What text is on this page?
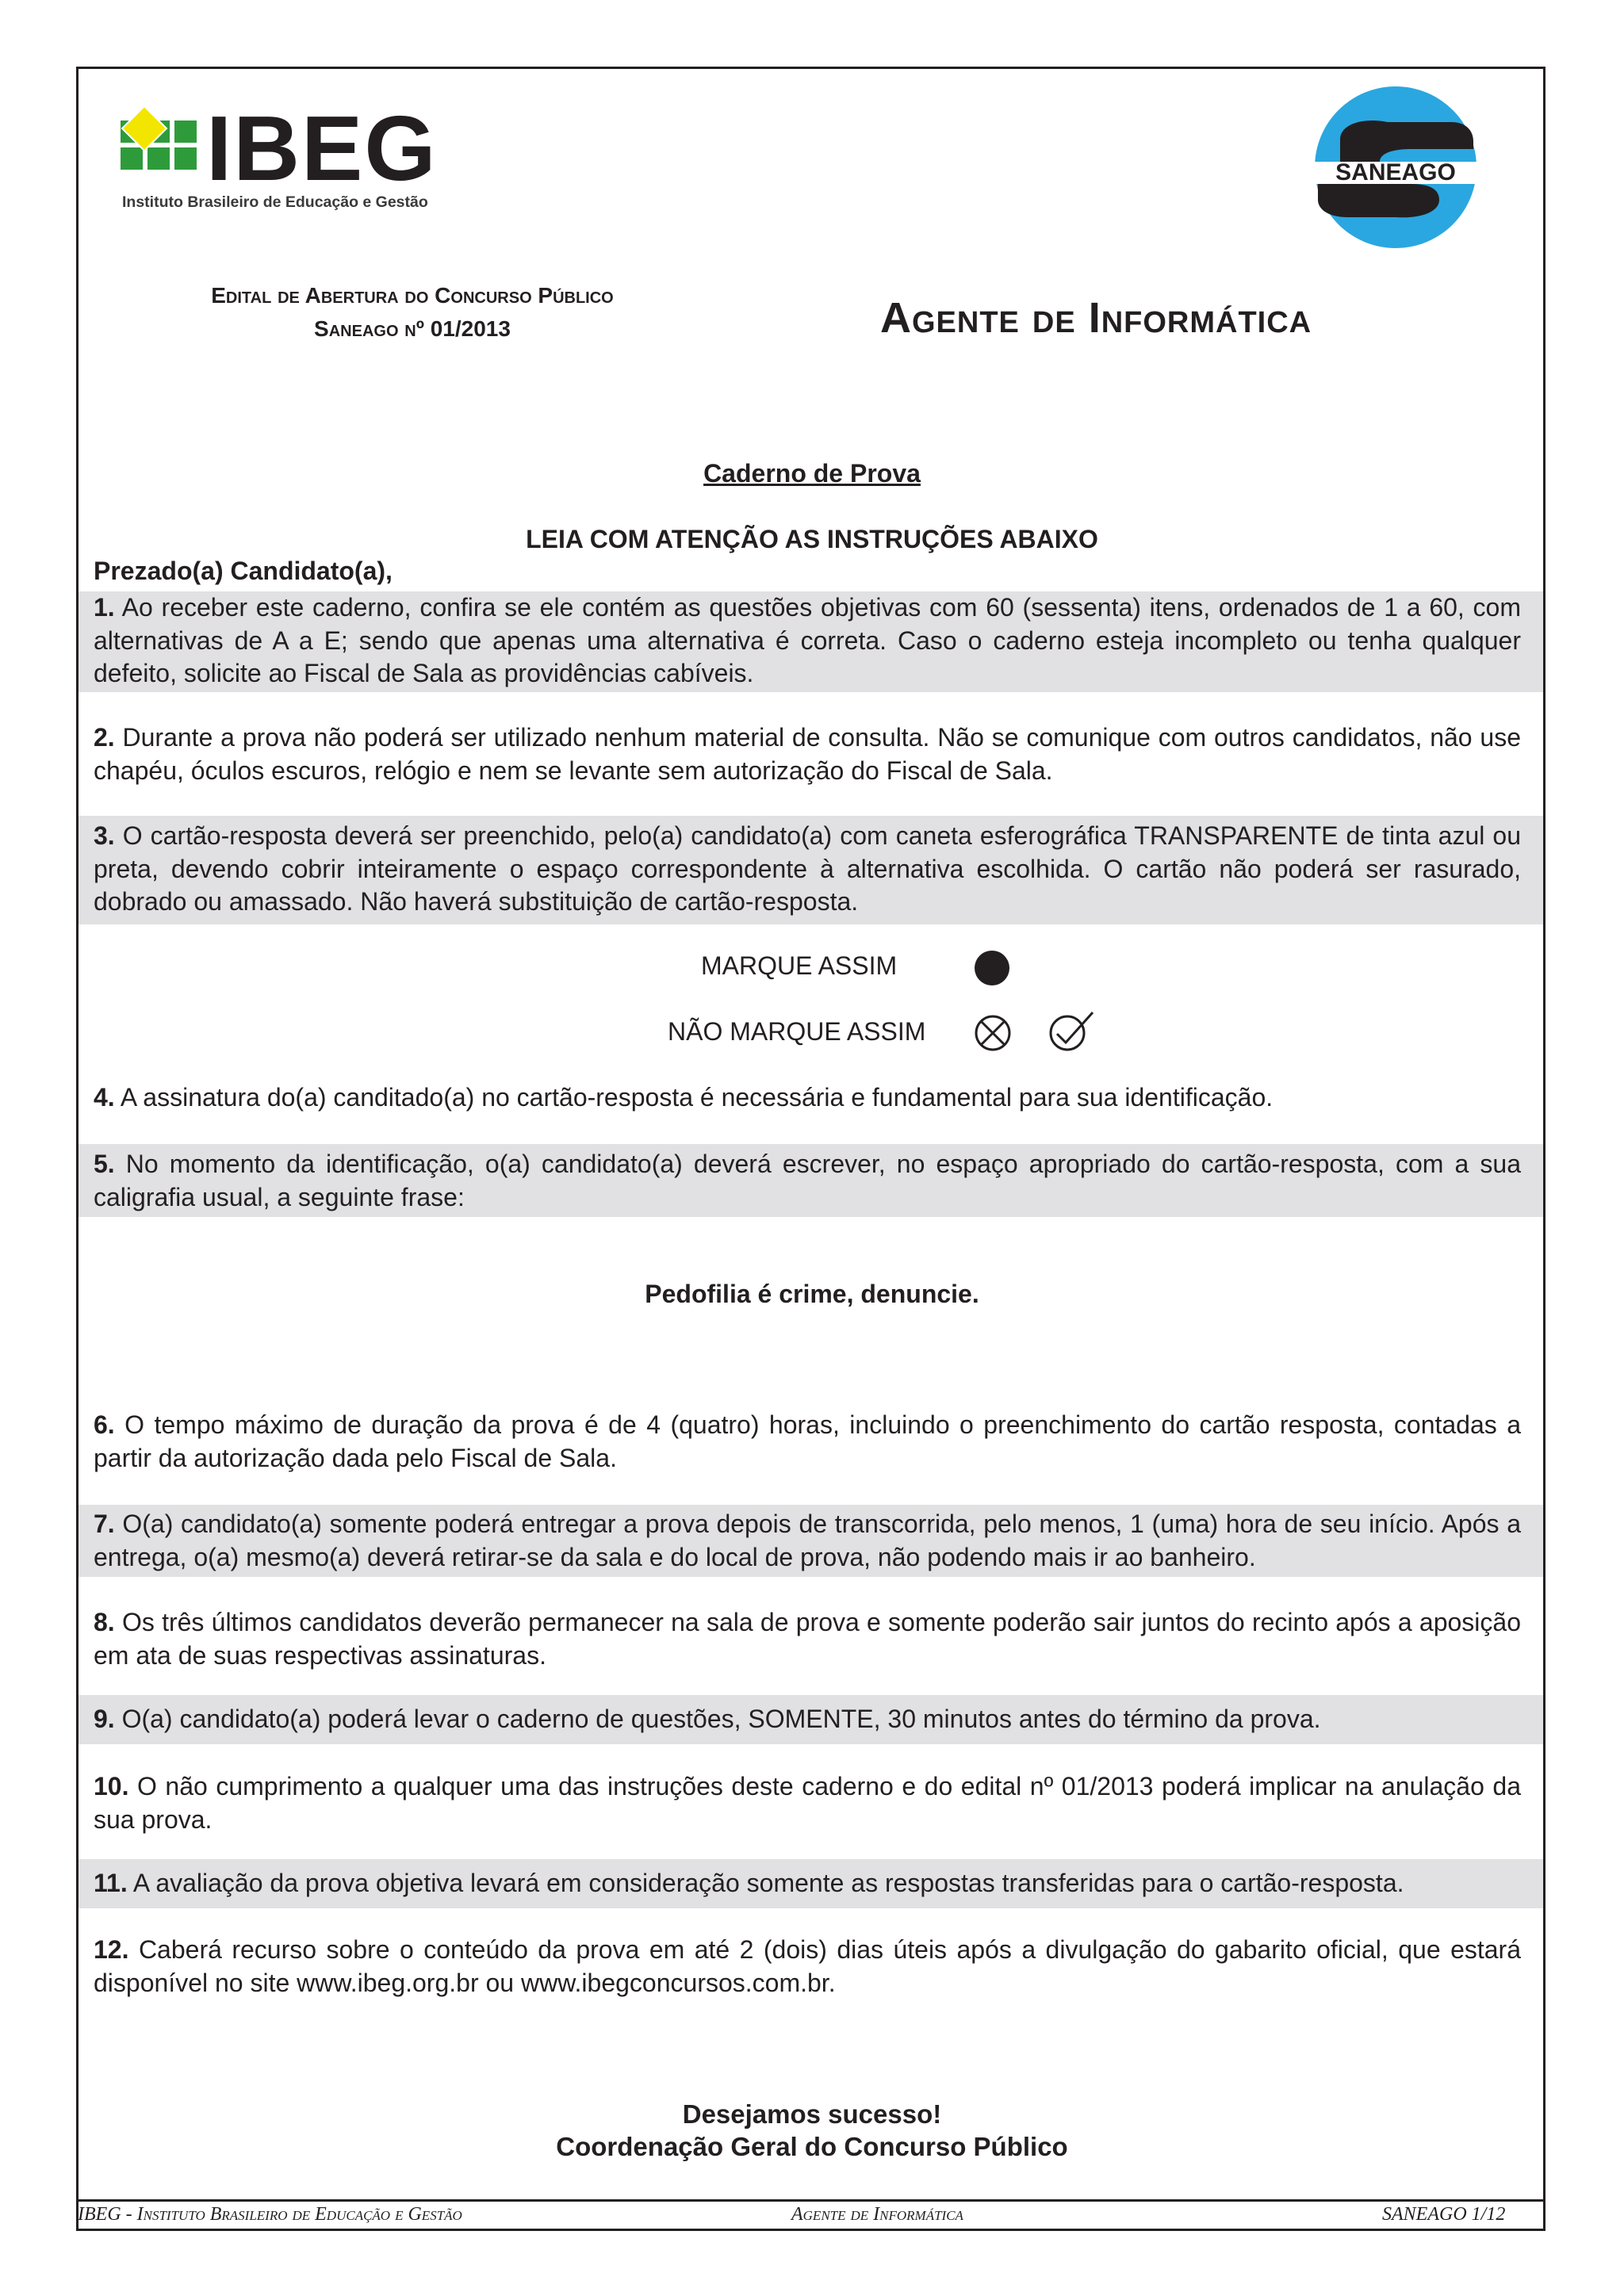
IBEG
Instituto Brasileiro de Educação e Gestão
SANEAGO
Edital de Abertura do Concurso Público
Saneago nº 01/2013	Agente de Informática
Caderno de Prova
LEIA COM ATENÇÃO AS INSTRUÇÕES ABAIXO
Prezado(a) Candidato(a),
1. Ao receber este caderno, confira se ele contém as questões objetivas com 60 (sessenta) itens, ordenados de 1 a 60, com alternativas de A a E; sendo que apenas uma alternativa é correta. Caso o caderno esteja incompleto ou tenha qualquer defeito, solicite ao Fiscal de Sala as providências cabíveis.
2. Durante a prova não poderá ser utilizado nenhum material de consulta. Não se comunique com outros candidatos, não use chapéu, óculos escuros, relógio e nem se levante sem autorização do Fiscal de Sala.
3. O cartão-resposta deverá ser preenchido, pelo(a) candidato(a) com caneta esferográfica TRANSPARENTE de tinta azul ou preta, devendo cobrir inteiramente o espaço correspondente à alternativa escolhida. O cartão não poderá ser rasurado, dobrado ou amassado. Não haverá substituição de cartão-resposta.
MARQUE ASSIM
NÃO MARQUE ASSIM
4. A assinatura do(a) canditado(a) no cartão-resposta é necessária e fundamental para sua identificação.
5. No momento da identificação, o(a) candidato(a) deverá escrever, no espaço apropriado do cartão-resposta, com a sua caligrafia usual, a seguinte frase:
Pedofilia é crime, denuncie.
6. O tempo máximo de duração da prova é de 4 (quatro) horas, incluindo o preenchimento do cartão resposta, contadas a partir da autorização dada pelo Fiscal de Sala.
7. O(a) candidato(a) somente poderá entregar a prova depois de transcorrida, pelo menos, 1 (uma) hora de seu início. Após a entrega, o(a) mesmo(a) deverá retirar-se da sala e do local de prova, não podendo mais ir ao banheiro.
8. Os três últimos candidatos deverão permanecer na sala de prova e somente poderão sair juntos do recinto após a aposição em ata de suas respectivas assinaturas.
9. O(a) candidato(a) poderá levar o caderno de questões, SOMENTE, 30 minutos antes do término da prova.
10. O não cumprimento a qualquer uma das instruções deste caderno e do edital nº 01/2013 poderá implicar na anulação da sua prova.
11. A avaliação da prova objetiva levará em consideração somente as respostas transferidas para o cartão-resposta.
12. Caberá recurso sobre o conteúdo da prova em até 2 (dois) dias úteis após a divulgação do gabarito oficial, que estará disponível no site www.ibeg.org.br ou www.ibegconcursos.com.br.
Desejamos sucesso!
Coordenação Geral do Concurso Público
IBEG - Instituto Brasileiro de Educação e Gestão	Agente de Informática	SANEAGO 1/12
